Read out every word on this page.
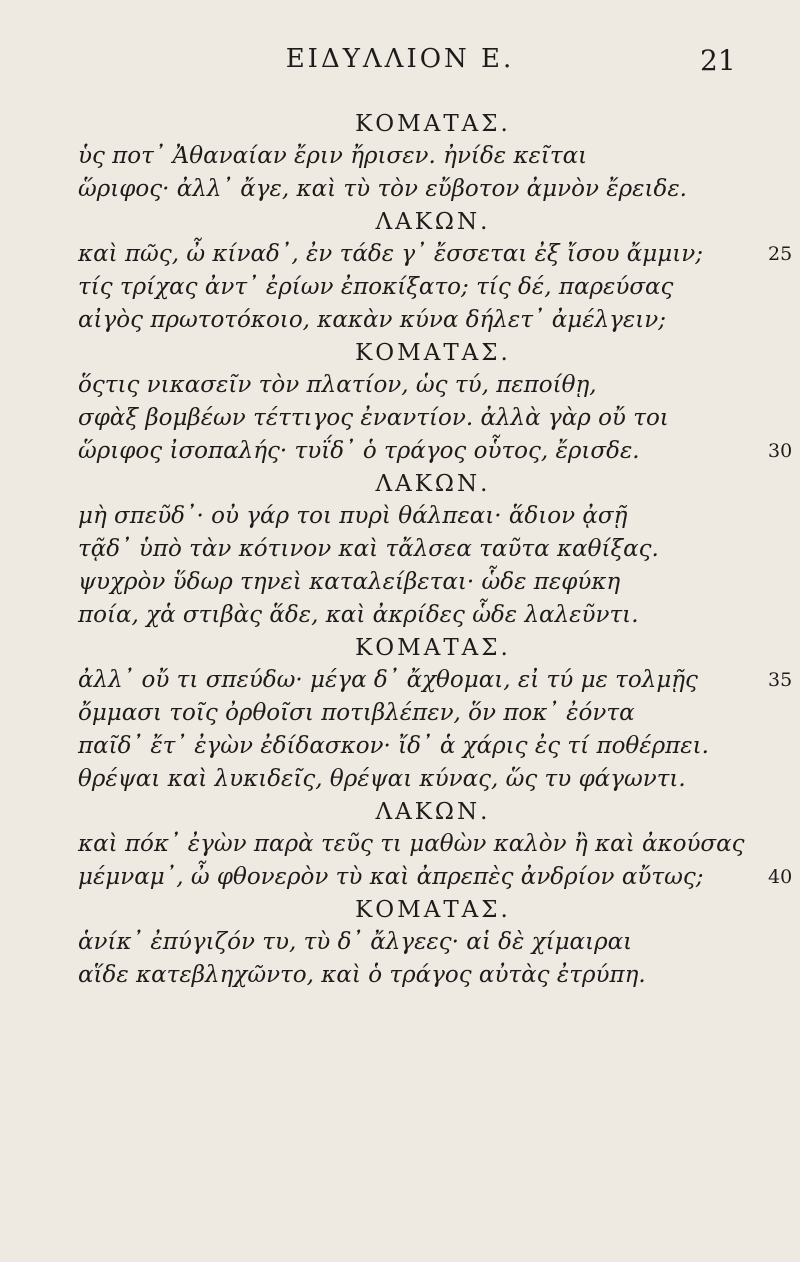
ΕΙΔΥΛΛΙΟΝ Ε.	21
ΚΟΜΑΤΑΣ.
ὑς ποτ᾽ Ἀθαναίαν ἔριν ἤρισεν. ἠνίδε κεῖται
ὥριφος· ἀλλ᾽ ἄγε, καὶ τὺ τὸν εὔβοτον ἀμνὸν ἔρειδε.
ΛΑΚΩΝ.
καὶ πῶς, ὦ κίναδ᾽, ἐν τάδε γ᾽ ἔσσεται ἐξ ἴσου ἄμμιν;	25
τίς τρίχας ἀντ᾽ ἐρίων ἐποκίξατο; τίς δέ, παρεύσας
αἰγὸς πρωτοτόκοιο, κακὰν κύνα δήλετ᾽ ἀμέλγειν;
ΚΟΜΑΤΑΣ.
ὅςτις νικασεῖν τὸν πλατίον, ὡς τύ, πεποίθῃ,
σφὰξ βομβέων τέττιγος ἐναντίον. ἀλλὰ γὰρ οὔ τοι
ὥριφος ἰσοπαλής· τυΐδ᾽ ὁ τράγος οὗτος, ἔρισδε.	30
ΛΑΚΩΝ.
μὴ σπεῦδ᾽· οὐ γάρ τοι πυρὶ θάλπεαι· ἅδιον ᾀσῇ
τᾷδ᾽ ὑπὸ τὰν κότινον καὶ τἄλσεα ταῦτα καθίξας.
ψυχρὸν ὕδωρ τηνεὶ καταλείβεται· ὧδε πεφύκη
ποία, χἁ στιβὰς ἅδε, καὶ ἀκρίδες ὧδε λαλεῦντι.
ΚΟΜΑΤΑΣ.
ἀλλ᾽ οὔ τι σπεύδω· μέγα δ᾽ ἄχθομαι, εἰ τύ με τολμῇς	35
ὄμμασι τοῖς ὀρθοῖσι ποτιβλέπεν, ὅν ποκ᾽ ἐόντα
παῖδ᾽ ἔτ᾽ ἐγὼν ἐδίδασκον· ἴδ᾽ ἁ χάρις ἐς τί ποθέρπει.
θρέψαι καὶ λυκιδεῖς, θρέψαι κύνας, ὥς τυ φάγωντι.
ΛΑΚΩΝ.
καὶ πόκ᾽ ἐγὼν παρὰ τεῦς τι μαθὼν καλὸν ἢ καὶ ἀκούσας
μέμναμ᾽, ὦ φθονερὸν τὺ καὶ ἀπρεπὲς ἀνδρίον αὔτως;	40
ΚΟΜΑΤΑΣ.
ἁνίκ᾽ ἐπύγιζόν τυ, τὺ δ᾽ ἄλγεες· αἱ δὲ χίμαιραι
αἵδε κατεβληχῶντο, καὶ ὁ τράγος αὐτὰς ἐτρύπη.
